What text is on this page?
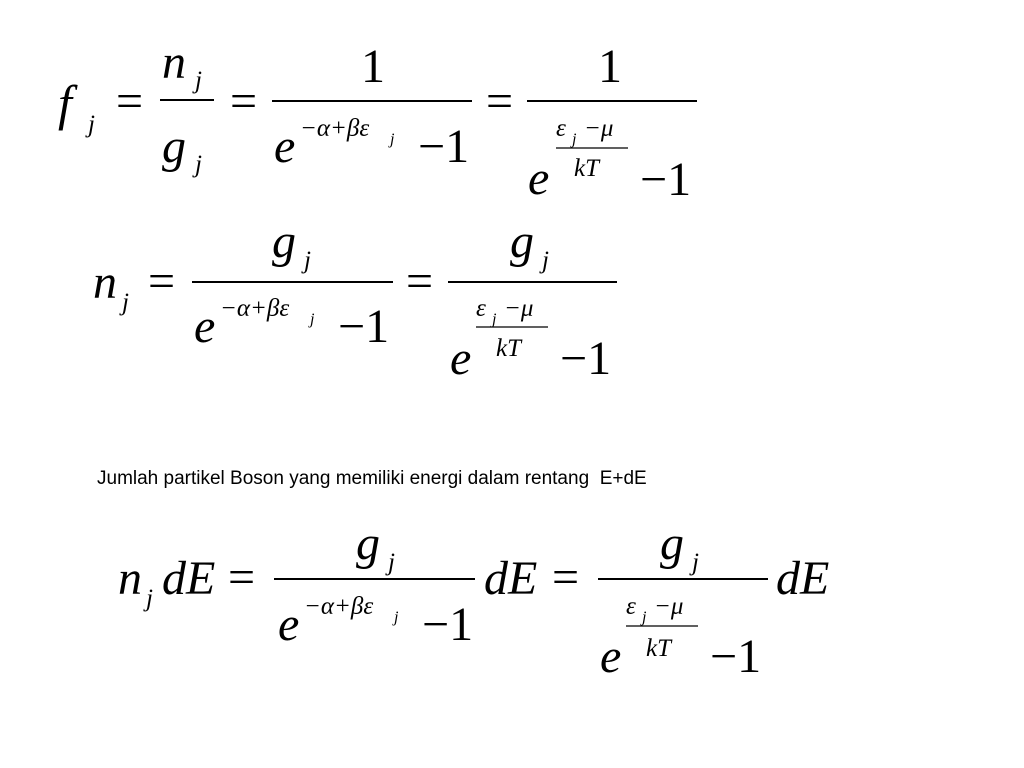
f j =
n j
g j
=
1
e −α+βε j −1
=
1
ε j −μ
kT
e −1
n j =
g j
e −α+βε j −1
=
g j
ε j −μ
kT
e −1
Jumlah partikel Boson yang memiliki energi dalam rentang  E+dE
n j dE =
g j
e −α+βε j −1
dE =
g j
ε j −μ
kT
e −1
dE
